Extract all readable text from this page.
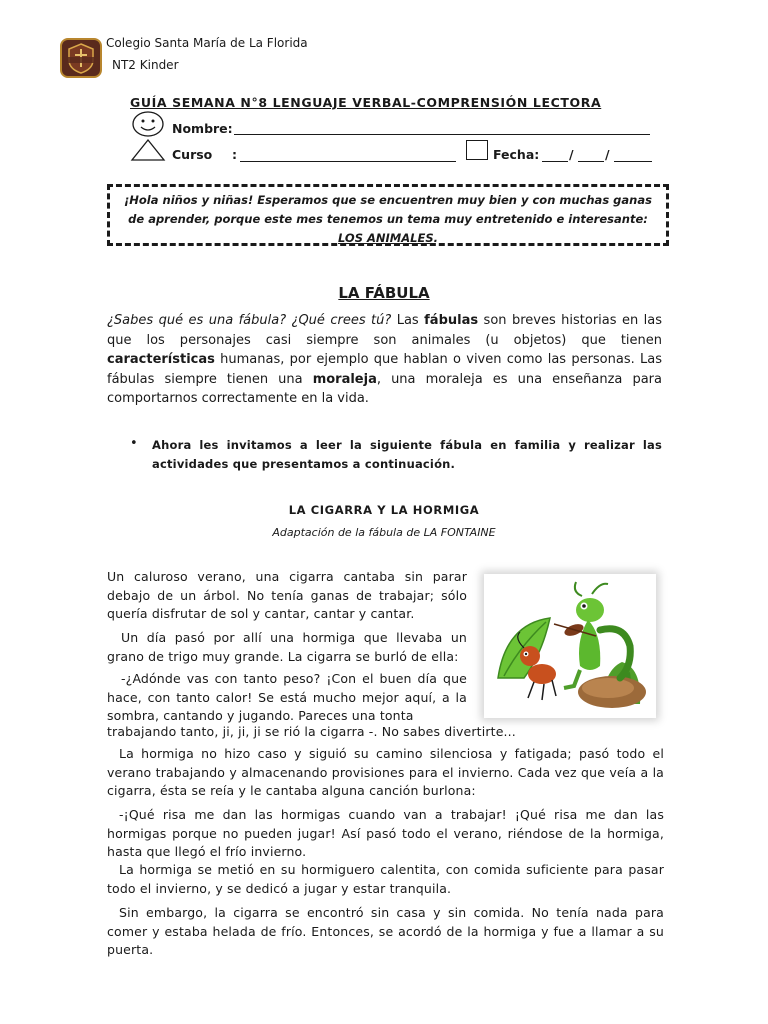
Colegio Santa María de La Florida
NT2 Kinder
GUÍA SEMANA N°8 LENGUAJE VERBAL-COMPRENSIÓN LECTORA
Nombre:
Curso :	Fecha: /	/
¡Hola niños y niñas! Esperamos que se encuentren muy bien y con muchas ganas de aprender, porque este mes tenemos un tema muy entretenido e interesante: LOS ANIMALES.
LA FÁBULA
¿Sabes qué es una fábula? ¿Qué crees tú? Las fábulas son breves historias en las que los personajes casi siempre son animales (u objetos) que tienen características humanas, por ejemplo que hablan o viven como las personas. Las fábulas siempre tienen una moraleja, una moraleja es una enseñanza para comportarnos correctamente en la vida.
• Ahora les invitamos a leer la siguiente fábula en familia y realizar las actividades que presentamos a continuación.
LA CIGARRA Y LA HORMIGA
Adaptación de la fábula de LA FONTAINE
Un caluroso verano, una cigarra cantaba sin parar debajo de un árbol. No tenía ganas de trabajar; sólo quería disfrutar de sol y cantar, cantar y cantar.
Un día pasó por allí una hormiga que llevaba un grano de trigo muy grande. La cigarra se burló de ella:
-¿Adónde vas con tanto peso? ¡Con el buen día que hace, con tanto calor! Se está mucho mejor aquí, a la sombra, cantando y jugando. Pareces una tonta
trabajando tanto, ji, ji, ji se rió la cigarra -. No sabes divertirte...
La hormiga no hizo caso y siguió su camino silenciosa y fatigada; pasó todo el verano trabajando y almacenando provisiones para el invierno. Cada vez que veía a la cigarra, ésta se reía y le cantaba alguna canción burlona:
-¡Qué risa me dan las hormigas cuando van a trabajar! ¡Qué risa me dan las hormigas porque no pueden jugar! Así pasó todo el verano, riéndose de la hormiga, hasta que llegó el frío invierno.
La hormiga se metió en su hormiguero calentita, con comida suficiente para pasar todo el invierno, y se dedicó a jugar y estar tranquila.
Sin embargo, la cigarra se encontró sin casa y sin comida. No tenía nada para comer y estaba helada de frío. Entonces, se acordó de la hormiga y fue a llamar a su puerta.
